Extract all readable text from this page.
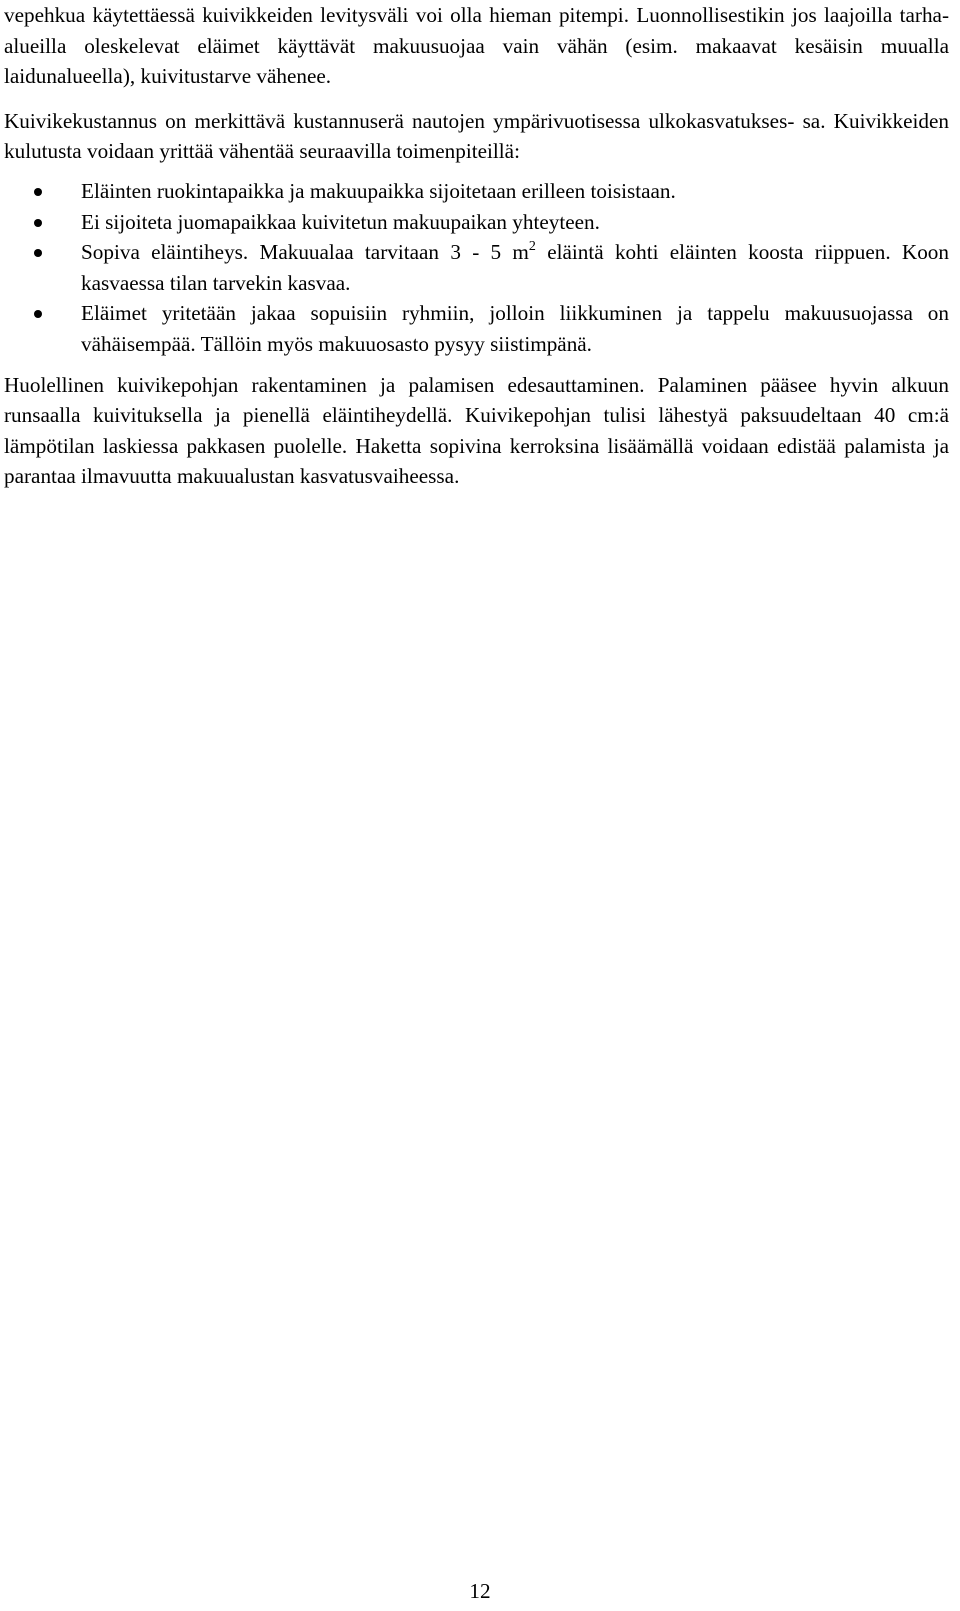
vepehkua käytettäessä kuivikkeiden levitysväli voi olla hieman pitempi. Luonnollisestikin jos laajoilla tarha-alueilla oleskelevat eläimet käyttävät makuusuojaa vain vähän (esim. makaavat kesäisin muualla laidunalueella), kuivitustarve vähenee.

Kuivikekustannus on merkittävä kustannuserä nautojen ympärivuotisessa ulkokasvatukses- sa. Kuivikkeiden kulutusta voidaan yrittää vähentää seuraavilla toimenpiteillä:

Eläinten ruokintapaikka ja makuupaikka sijoitetaan erilleen toisistaan.
Ei sijoiteta juomapaikkaa kuivitetun makuupaikan yhteyteen.
Sopiva eläintiheys. Makuualaa tarvitaan 3 - 5 $m^2$ eläintä kohti eläinten koosta riippuen. Koon kasvaessa tilan tarvekin kasvaa.
Eläimet yritetään jakaa sopuisiin ryhmiin, jolloin liikkuminen ja tappelu makuusuojassa on vähäisempää. Tällöin myös makuuosasto pysyy siistimpänä.

Huolellinen kuivikepohjan rakentaminen ja palamisen edesauttaminen. Palaminen pääsee hyvin alkuun runsaalla kuivituksella ja pienellä eläintiheydellä. Kuivikepohjan tulisi lähestyä paksuudeltaan 40 cm:ä lämpötilan laskiessa pakkasen puolelle. Haketta sopivina kerroksina lisäämällä voidaan edistää palamista ja parantaa ilmavuutta makuualustan kasvatusvaiheessa.

12
